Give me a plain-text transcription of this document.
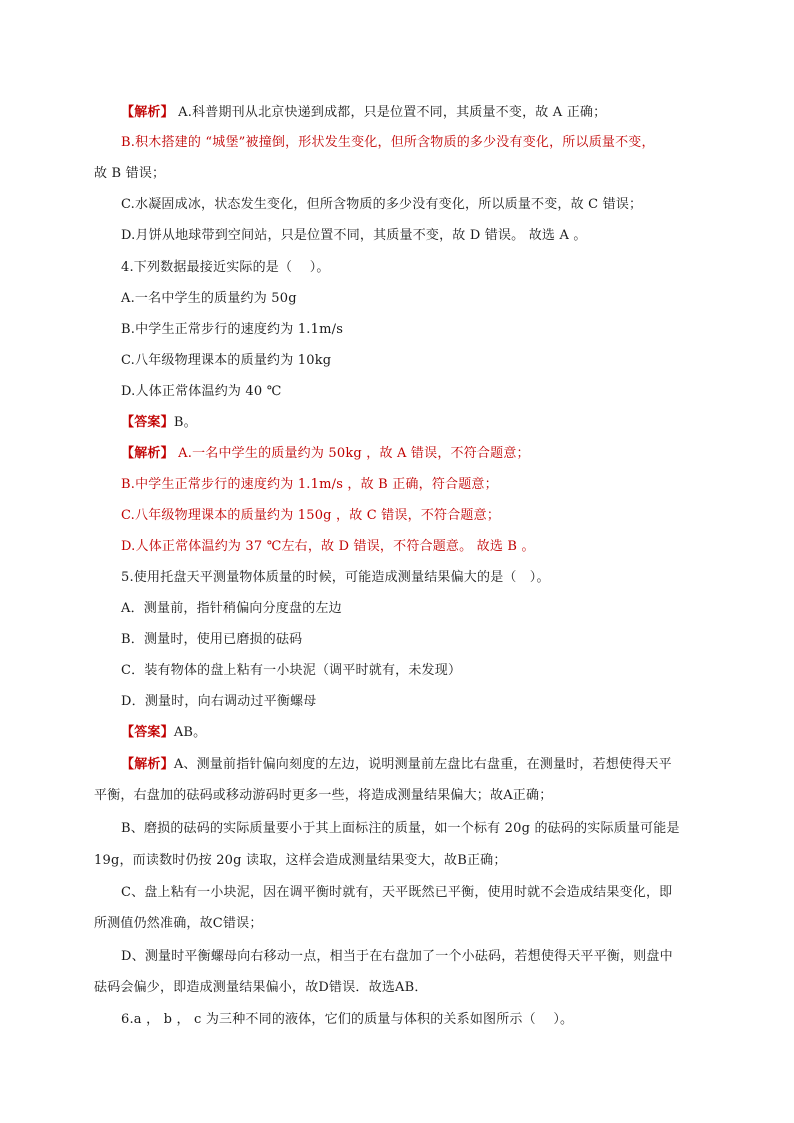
【解析】 A.科普期刊从北京快递到成都，只是位置不同，其质量不变，故 A 正确；
B.积木搭建的 “城堡”被撞倒，形状发生变化，但所含物质的多少没有变化，所以质量不变，
故 B 错误；
C.水凝固成冰，状态发生变化，但所含物质的多少没有变化，所以质量不变，故 C 错误；
D.月饼从地球带到空间站，只是位置不同，其质量不变，故 D 错误。 故选 A 。
4.下列数据最接近实际的是（　 ）。
A.一名中学生的质量约为 50g
B.中学生正常步行的速度约为 1.1m/s
C.八年级物理课本的质量约为 10kg
D.人体正常体温约为 40 ℃
【答案】B。
【解析】 A.一名中学生的质量约为 50kg ，故 A 错误，不符合题意；
B.中学生正常步行的速度约为 1.1m/s ，故 B 正确，符合题意；
C.八年级物理课本的质量约为 150g ，故 C 错误，不符合题意；
D.人体正常体温约为 37 ℃左右，故 D 错误，不符合题意。 故选 B 。
5.使用托盘天平测量物体质量的时候，可能造成测量结果偏大的是（　）。
A．测量前，指针稍偏向分度盘的左边
B．测量时，使用已磨损的砝码
C．装有物体的盘上粘有一小块泥（调平时就有，未发现）
D．测量时，向右调动过平衡螺母
【答案】AB。
【解析】A、测量前指针偏向刻度的左边，说明测量前左盘比右盘重，在测量时，若想使得天平
平衡，右盘加的砝码或移动游码时更多一些，将造成测量结果偏大；故A正确；
B、磨损的砝码的实际质量要小于其上面标注的质量，如一个标有 20g 的砝码的实际质量可能是
19g，而读数时仍按 20g 读取，这样会造成测量结果变大，故B正确；
C、盘上粘有一小块泥，因在调平衡时就有，天平既然已平衡，使用时就不会造成结果变化，即
所测值仍然准确，故C错误；
D、测量时平衡螺母向右移动一点，相当于在右盘加了一个小砝码，若想使得天平平衡，则盘中
砝码会偏少，即造成测量结果偏小，故D错误．故选AB．
6.a ， b ， c 为三种不同的液体，它们的质量与体积的关系如图所示（　 ）。
